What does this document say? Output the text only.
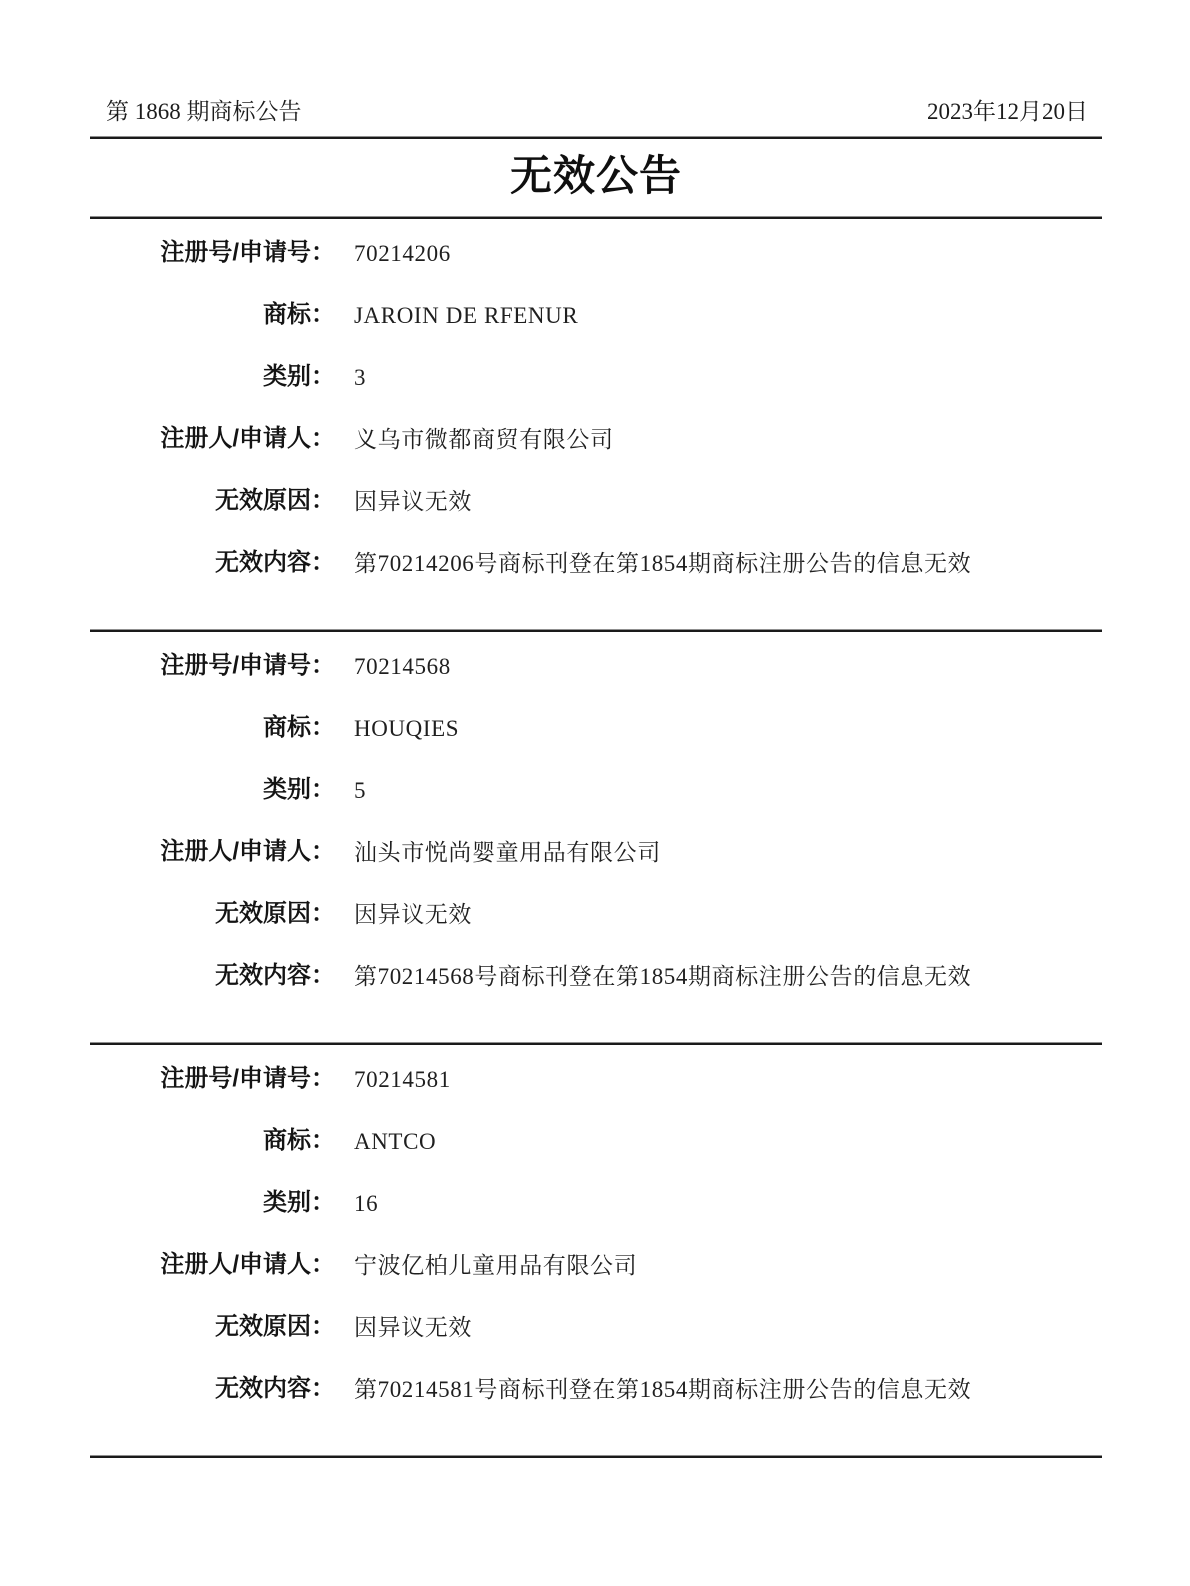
第 1868 期商标公告	2023年12月20日
无效公告
注册号/申请号： 70214206
商标： JAROIN DE RFENUR
类别： 3
注册人/申请人： 义乌市微都商贸有限公司
无效原因： 因异议无效
无效内容： 第70214206号商标刊登在第1854期商标注册公告的信息无效
注册号/申请号： 70214568
商标： HOUQIES
类别： 5
注册人/申请人： 汕头市悦尚婴童用品有限公司
无效原因： 因异议无效
无效内容： 第70214568号商标刊登在第1854期商标注册公告的信息无效
注册号/申请号： 70214581
商标： ANTCO
类别： 16
注册人/申请人： 宁波亿柏儿童用品有限公司
无效原因： 因异议无效
无效内容： 第70214581号商标刊登在第1854期商标注册公告的信息无效
